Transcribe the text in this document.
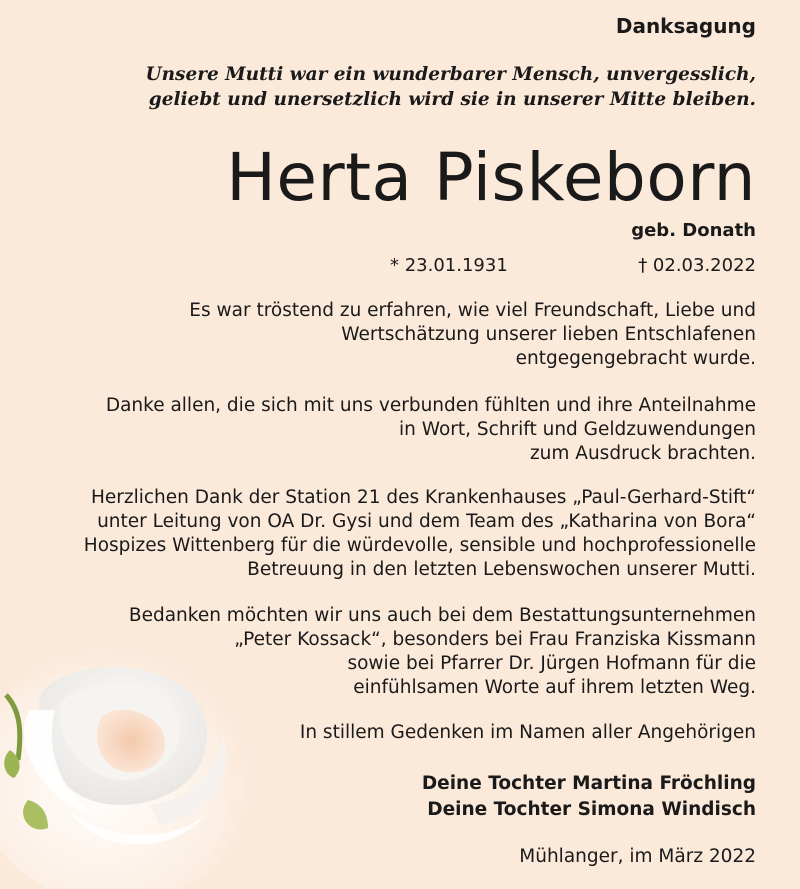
Danksagung
Unsere Mutti war ein wunderbarer Mensch, unvergesslich,
geliebt und unersetzlich wird sie in unserer Mitte bleiben.
Herta Piskeborn
geb. Donath
* 23.01.1931	† 02.03.2022
Es war tröstend zu erfahren, wie viel Freundschaft, Liebe und
Wertschätzung unserer lieben Entschlafenen
entgegengebracht wurde.
Danke allen, die sich mit uns verbunden fühlten und ihre Anteilnahme
in Wort, Schrift und Geldzuwendungen
zum Ausdruck brachten.
Herzlichen Dank der Station 21 des Krankenhauses „Paul-Gerhard-Stift“
unter Leitung von OA Dr. Gysi und dem Team des „Katharina von Bora“
Hospizes Wittenberg für die würdevolle, sensible und hochprofessionelle
Betreuung in den letzten Lebenswochen unserer Mutti.
Bedanken möchten wir uns auch bei dem Bestattungsunternehmen
„Peter Kossack“, besonders bei Frau Franziska Kissmann
sowie bei Pfarrer Dr. Jürgen Hofmann für die
einfühlsamen Worte auf ihrem letzten Weg.
In stillem Gedenken im Namen aller Angehörigen
Deine Tochter Martina Fröchling
Deine Tochter Simona Windisch
Mühlanger, im März 2022
